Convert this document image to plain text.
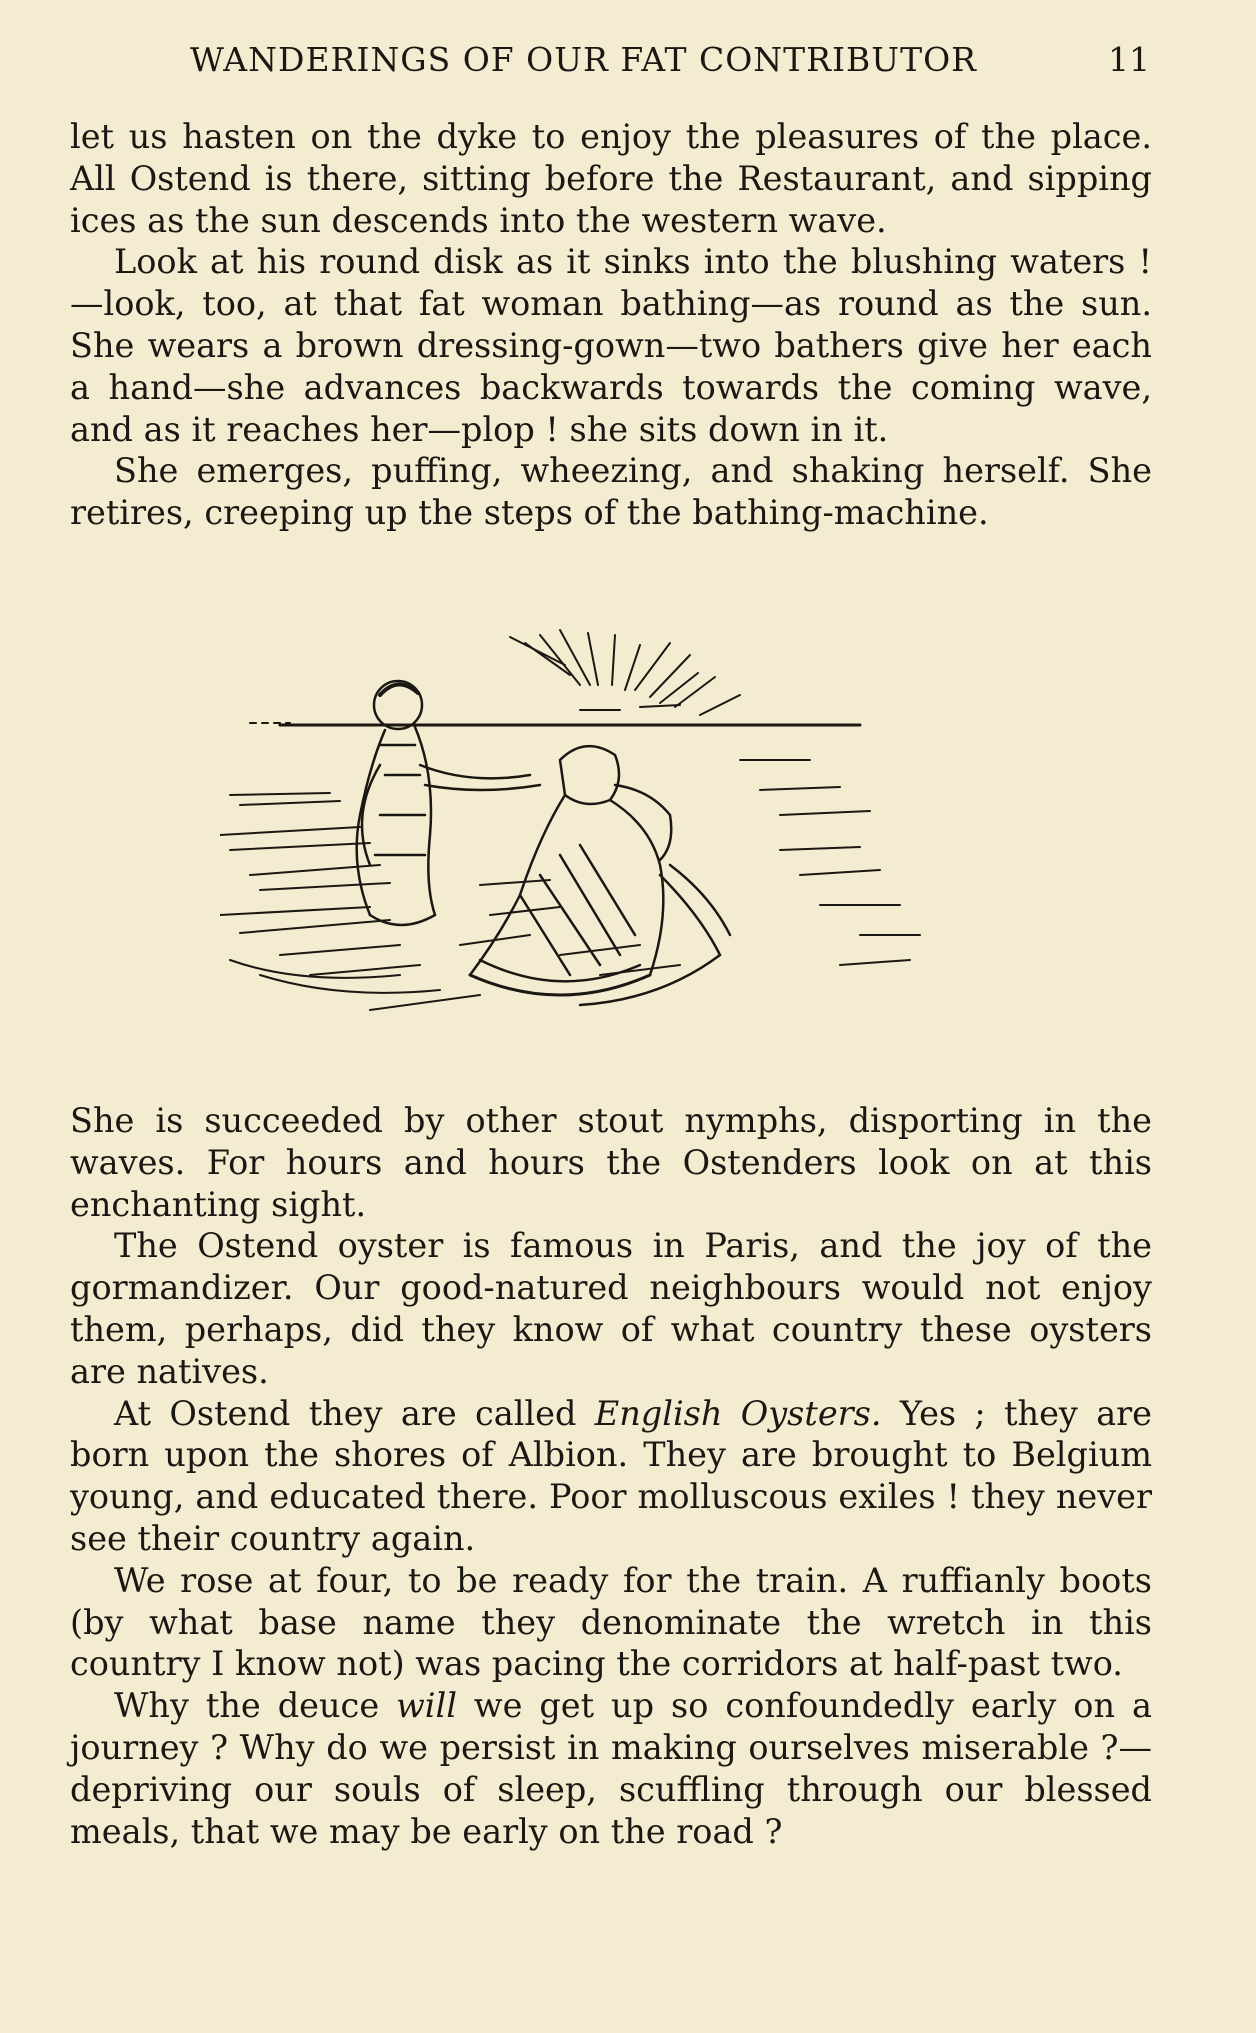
WANDERINGS OF OUR FAT CONTRIBUTOR	11

let us hasten on the dyke to enjoy the pleasures of the place. All Ostend is there, sitting before the Restaurant, and sipping ices as the sun descends into the western wave.

Look at his round disk as it sinks into the blushing waters !—look, too, at that fat woman bathing—as round as the sun. She wears a brown dressing-gown—two bathers give her each a hand—she advances backwards towards the coming wave, and as it reaches her—plop ! she sits down in it.

She emerges, puffing, wheezing, and shaking herself. She retires, creeping up the steps of the bathing-machine.

She is succeeded by other stout nymphs, disporting in the waves. For hours and hours the Ostenders look on at this enchanting sight.

The Ostend oyster is famous in Paris, and the joy of the gormandizer. Our good-natured neighbours would not enjoy them, perhaps, did they know of what country these oysters are natives.

At Ostend they are called English Oysters. Yes ; they are born upon the shores of Albion. They are brought to Belgium young, and educated there. Poor molluscous exiles ! they never see their country again.

We rose at four, to be ready for the train. A ruffianly boots (by what base name they denominate the wretch in this country I know not) was pacing the corridors at half-past two.

Why the deuce will we get up so confoundedly early on a journey ? Why do we persist in making ourselves miserable ?—depriving our souls of sleep, scuffling through our blessed meals, that we may be early on the road ?
